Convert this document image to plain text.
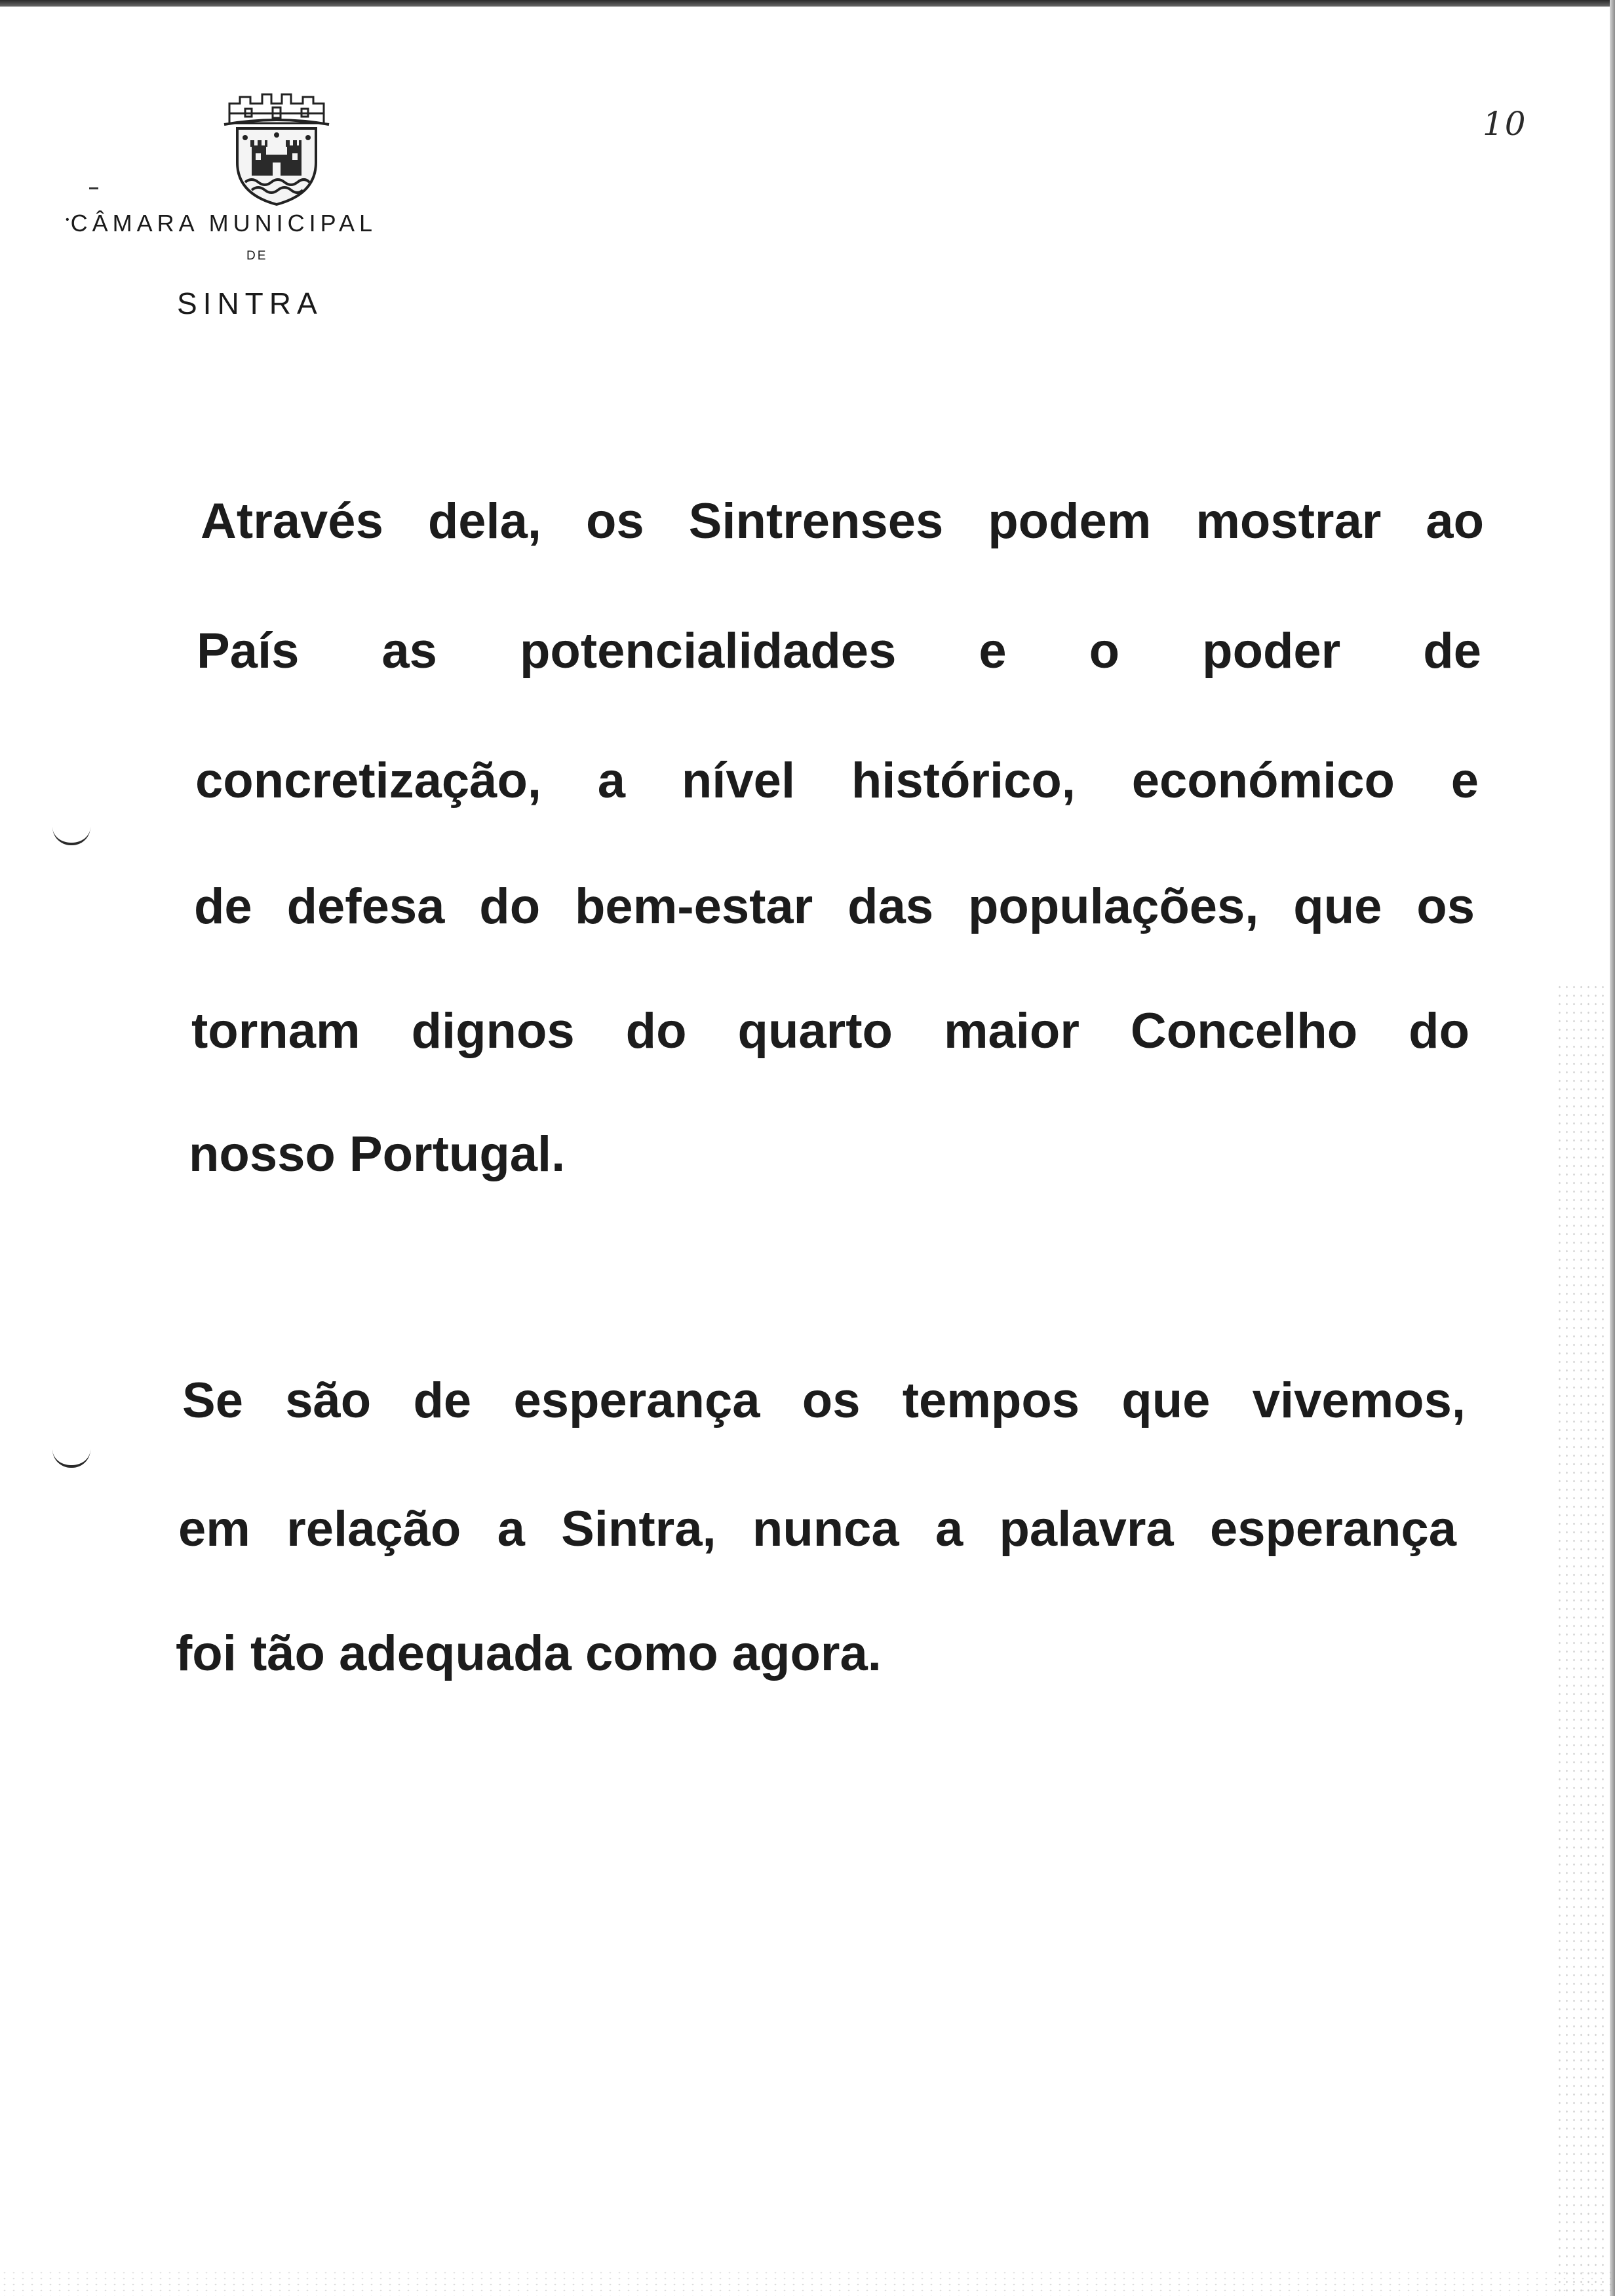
•CÂMARA MUNICIPAL
DE
SINTRA
10
Através dela, os Sintrenses podem mostrar ao
País as potencialidades e o poder de
concretização, a nível histórico, económico e
de defesa do bem-estar das populações, que os
tornam dignos do quarto maior Concelho do
nosso Portugal.
Se são de esperança os tempos que vivemos,
em relação a Sintra, nunca a palavra esperança
foi tão adequada como agora.
